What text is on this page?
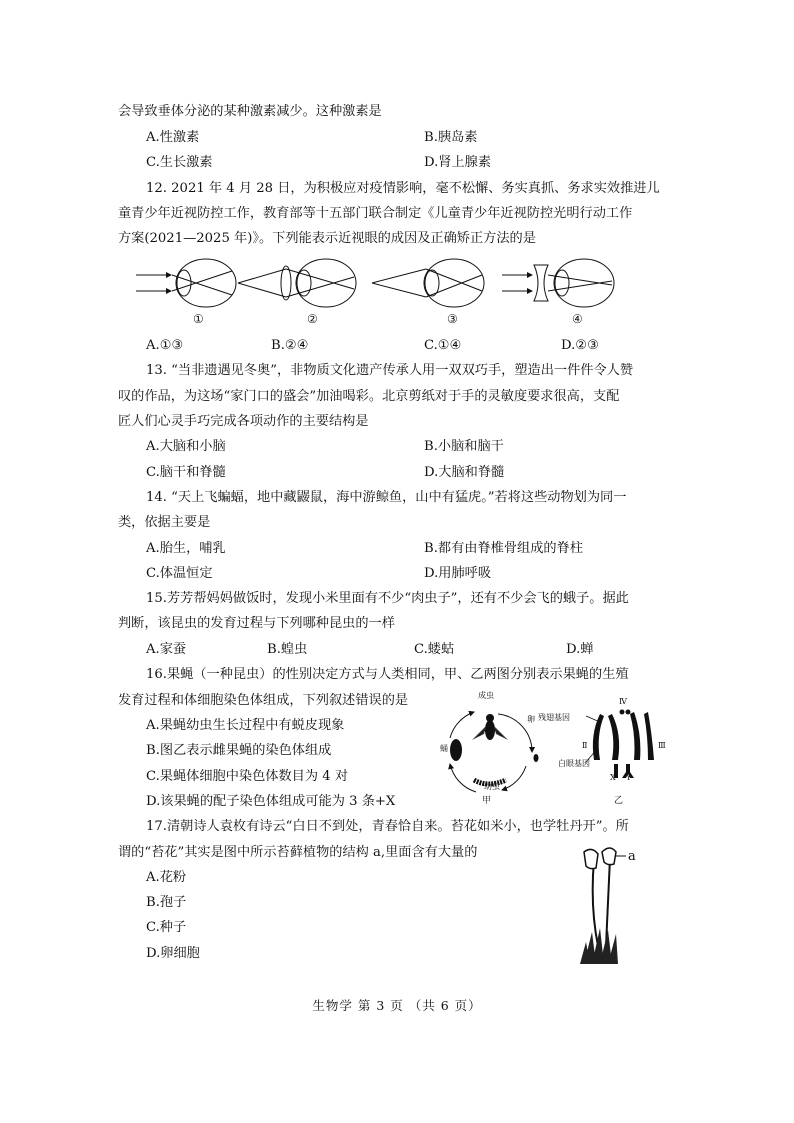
会导致垂体分泌的某种激素减少。这种激素是
A.性激素	B.胰岛素
C.生长激素	D.肾上腺素
12. 2021 年 4 月 28 日，为积极应对疫情影响，毫不松懈、务实真抓、务求实效推进儿
童青少年近视防控工作，教育部等十五部门联合制定《儿童青少年近视防控光明行动工作
方案(2021—2025 年)》。下列能表示近视眼的成因及正确矫正方法的是
①	②	③	④
A.①③	B.②④	C.①④	D.②③
13. “当非遗遇见冬奥”，非物质文化遗产传承人用一双双巧手，塑造出一件件令人赞
叹的作品，为这场“家门口的盛会”加油喝彩。北京剪纸对于手的灵敏度要求很高，支配
匠人们心灵手巧完成各项动作的主要结构是
A.大脑和小脑	B.小脑和脑干
C.脑干和脊髓	D.大脑和脊髓
14. “天上飞蝙蝠，地中藏鼹鼠，海中游鲸鱼，山中有猛虎。”若将这些动物划为同一
类，依据主要是
A.胎生，哺乳	B.都有由脊椎骨组成的脊柱
C.体温恒定	D.用肺呼吸
15.芳芳帮妈妈做饭时，发现小米里面有不少“肉虫子”，还有不少会飞的蛾子。据此
判断，该昆虫的发育过程与下列哪种昆虫的一样
A.家蚕	B.蝗虫	C.蝼蛄	D.蝉
16.果蝇（一种昆虫）的性别决定方式与人类相同，甲、乙两图分别表示果蝇的生殖
发育过程和体细胞染色体组成，下列叙述错误的是
A.果蝇幼虫生长过程中有蜕皮现象
B.图乙表示雌果蝇的染色体组成
C.果蝇体细胞中染色体数目为 4 对
D.该果蝇的配子染色体组成可能为 3 条+X
成虫
卵
幼虫
蛹
甲
残翅基因
白眼基因
Ⅳ
Ⅱ	Ⅲ
X Y
乙
17.清朝诗人袁枚有诗云“白日不到处，青春恰自来。苔花如米小，也学牡丹开”。所
谓的“苔花”其实是图中所示苔藓植物的结构 a,里面含有大量的
A.花粉
B.孢子
C.种子
D.卵细胞
a
生物学 第 3 页 （共 6 页）
